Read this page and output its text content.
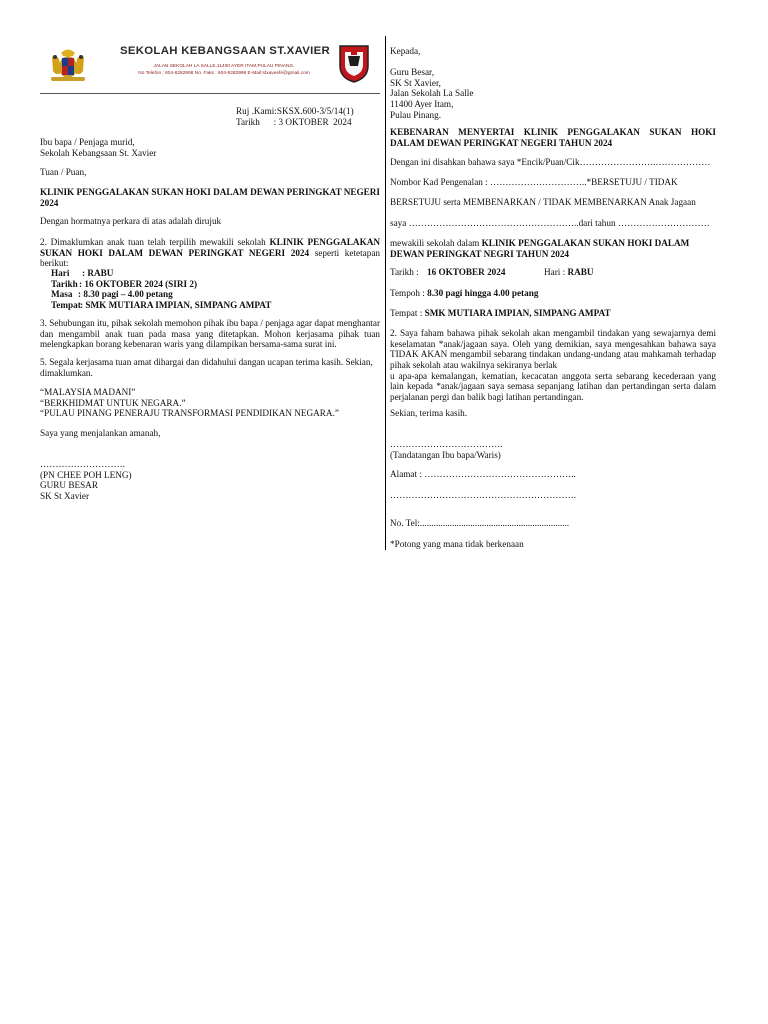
SEKOLAH KEBANGSAAN ST.XAVIER
JALAN SEKOLAH LA SALLE,11400 AYER ITAM,PULAU PINANG.
No Telefon : 604-8282998 No. Faks : 604-8282998 E-Mail:stxaveefe@gmail.com
Ruj .Kami:SKSX.600-3/5/14(1)
Tarikh      : 3 OKTOBER  2024
Ibu bapa / Penjaga murid,
Sekolah Kebangsaan St. Xavier
Tuan / Puan,
KLINIK PENGGALAKAN SUKAN HOKI DALAM DEWAN PERINGKAT NEGERI 2024
Dengan hormatnya perkara di atas adalah dirujuk
2. Dimaklumkan anak tuan telah terpilih mewakili sekolah KLINIK PENGGALAKAN SUKAN HOKI DALAM DEWAN PERINGKAT NEGERI 2024 seperti ketetapan berikut:
Hari	: RABU
Tarikh : 16 OKTOBER 2024 (SIRI 2)
Masa : 8.30 pagi – 4.00 petang
Tempat : SMK MUTIARA IMPIAN, SIMPANG AMPAT
3. Sehubungan itu, pihak sekolah memohon pihak ibu bapa / penjaga agar dapat menghantar dan mengambil anak tuan pada masa yang ditetapkan. Mohon kerjasama pihak tuan melengkapkan borang kebenaran waris yang dilampikan bersama-sama surat ini.
5. Segala kerjasama tuan amat dihargai dan didahului dangan ucapan terima kasih. Sekian, dimaklumkan.
“MALAYSIA MADANI”
“BERKHIDMAT UNTUK NEGARA.”
“PULAU PINANG PENERAJU TRANSFORMASI PENDIDIKAN NEGARA.”
Saya yang menjalankan amanah,
……………………….
(PN CHEE POH LENG)
GURU BESAR
SK St Xavier
Kepada,
Guru Besar,
SK St Xavier,
Jalan Sekolah La Salle
11400 Ayer Itam,
Pulau Pinang.
KEBENARAN MENYERTAI KLINIK PENGGALAKAN SUKAN HOKI DALAM DEWAN PERINGKAT NEGERI TAHUN 2024
Dengan ini disahkan bahawa saya *Encik/Puan/Cik…………………….………………
Nombor Kad Pengenalan : …………………………..*BERSETUJU / TIDAK
BERSETUJU serta MEMBENARKAN / TIDAK MEMBENARKAN Anak Jagaan
saya ………………………………………………..dari tahun …………………………
mewakili sekolah dalam KLINIK PENGGALAKAN SUKAN HOKI DALAM DEWAN PERINGKAT NEGRI TAHUN 2024
Tarikh : 16 OKTOBER 2024	Hari : RABU
Tempoh : 8.30 pagi hingga 4.00 petang
Tempat : SMK MUTIARA IMPIAN, SIMPANG AMPAT
2. Saya faham bahawa pihak sekolah akan mengambil tindakan yang sewajarnya demi keselamatan *anak/jagaan saya. Oleh yang demikian, saya mengesahkan bahawa saya TIDAK AKAN mengambil sebarang tindakan undang-undang atau mahkamah terhadap pihak sekolah atau wakilnya sekiranya berlak
u apa-apa kemalangan, kematian, kecacatan anggota serta sebarang kecederaan yang lain kepada *anak/jagaan saya semasa sepanjang latihan dan pertandingan serta dalam perjalanan pergi dan balik bagi latihan pertandingan.
Sekian, terima kasih.
……………………………….
(Tandatangan Ibu bapa/Waris)
Alamat : …………………………………………..
…………………………………………………….
No. Tel:.................................................................
*Potong yang mana tidak berkenaan
